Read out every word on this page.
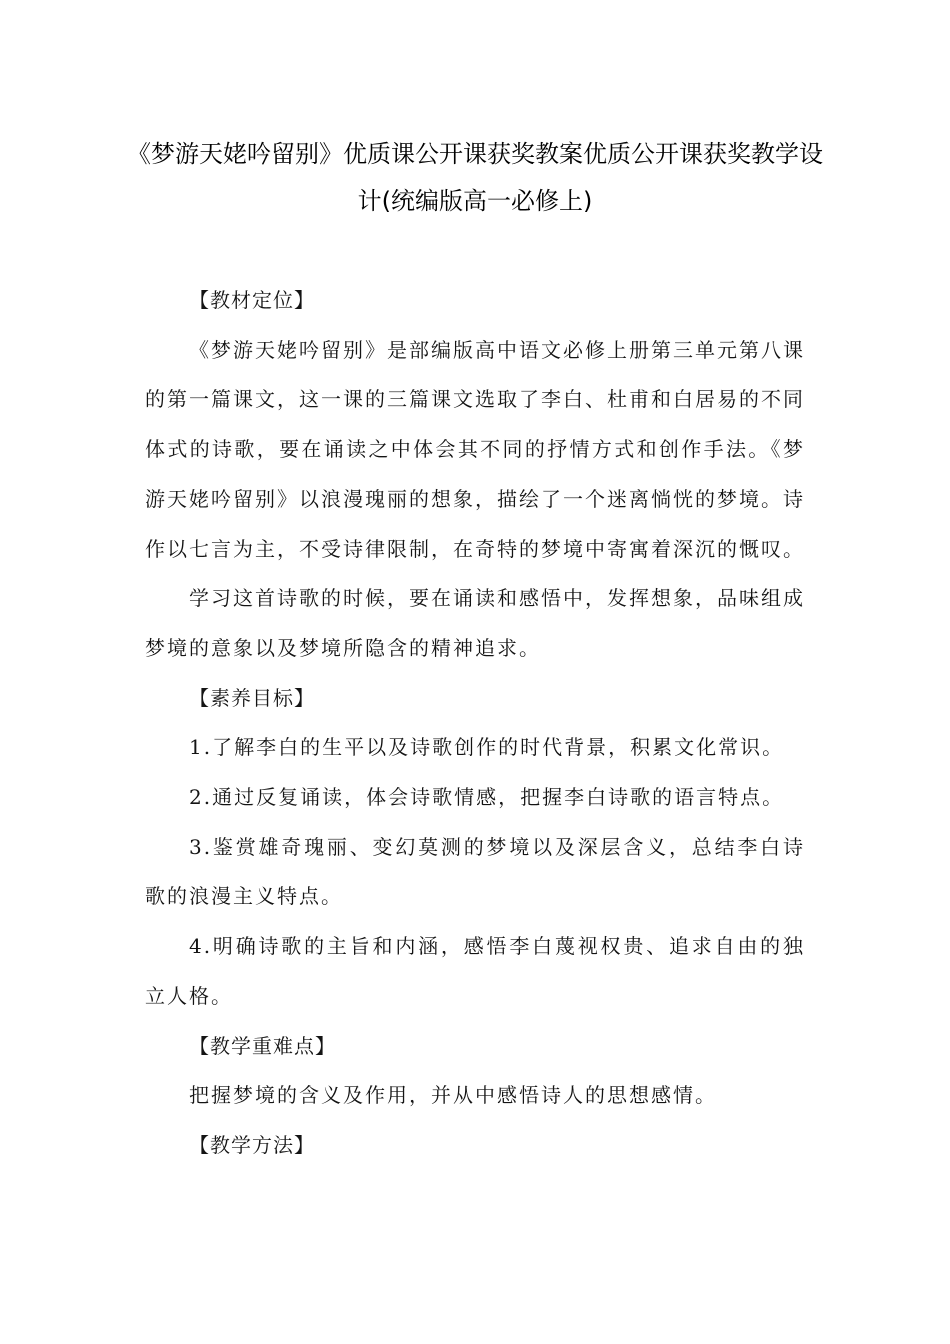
《梦游天姥吟留别》优质课公开课获奖教案优质公开课获奖教学设
计(统编版高一必修上)

【教材定位】

《梦游天姥吟留别》是部编版高中语文必修上册第三单元第八课的第一篇课文，这一课的三篇课文选取了李白、杜甫和白居易的不同体式的诗歌，要在诵读之中体会其不同的抒情方式和创作手法。《梦游天姥吟留别》以浪漫瑰丽的想象，描绘了一个迷离惝恍的梦境。诗作以七言为主，不受诗律限制，在奇特的梦境中寄寓着深沉的慨叹。

学习这首诗歌的时候，要在诵读和感悟中，发挥想象，品味组成梦境的意象以及梦境所隐含的精神追求。

【素养目标】

1.了解李白的生平以及诗歌创作的时代背景，积累文化常识。

2.通过反复诵读，体会诗歌情感，把握李白诗歌的语言特点。

3.鉴赏雄奇瑰丽、变幻莫测的梦境以及深层含义，总结李白诗歌的浪漫主义特点。

4.明确诗歌的主旨和内涵，感悟李白蔑视权贵、追求自由的独立人格。

【教学重难点】

把握梦境的含义及作用，并从中感悟诗人的思想感情。

【教学方法】
